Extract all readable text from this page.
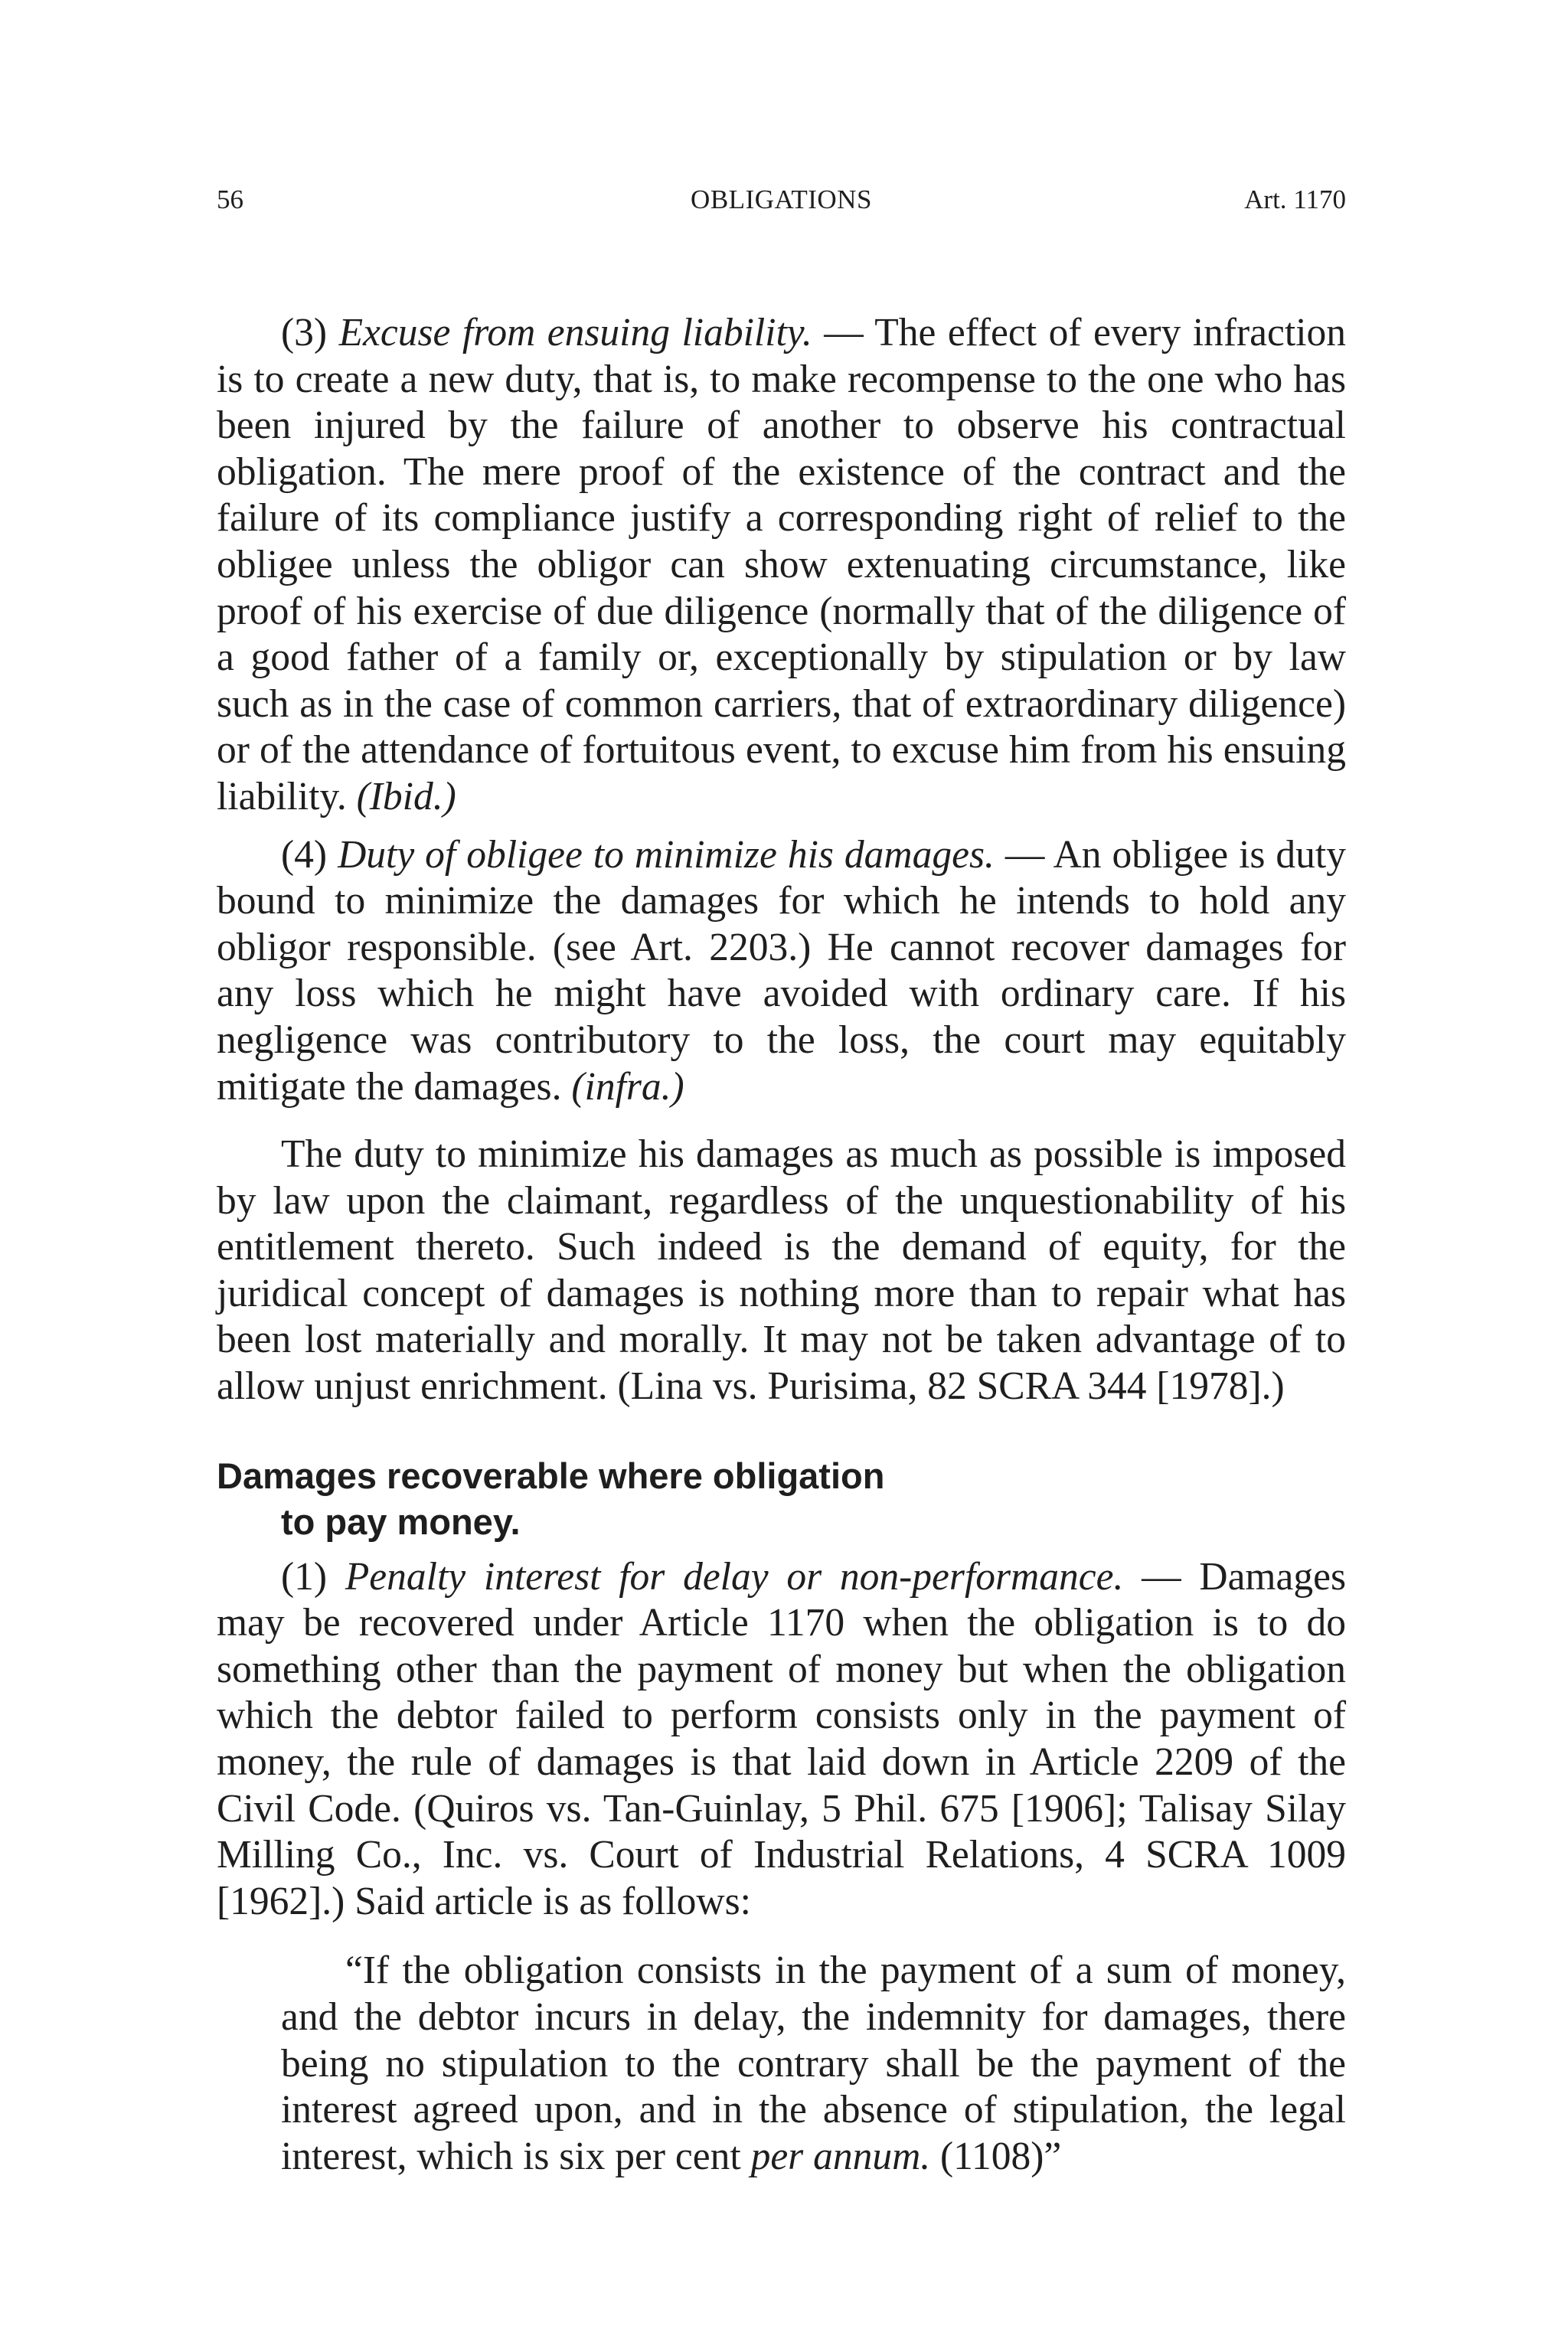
56	OBLIGATIONS	Art. 1170

(3) Excuse from ensuing liability. — The effect of every infraction is to create a new duty, that is, to make recompense to the one who has been injured by the failure of another to observe his contractual obligation. The mere proof of the existence of the contract and the failure of its compliance justify a corresponding right of relief to the obligee unless the obligor can show extenuating circumstance, like proof of his exercise of due diligence (normally that of the diligence of a good father of a family or, exceptionally by stipulation or by law such as in the case of common carriers, that of extraordinary diligence) or of the attendance of fortuitous event, to excuse him from his ensuing liability. (Ibid.)

(4) Duty of obligee to minimize his damages. — An obligee is duty bound to minimize the damages for which he intends to hold any obligor responsible. (see Art. 2203.) He cannot recover damages for any loss which he might have avoided with ordinary care. If his negligence was contributory to the loss, the court may equitably mitigate the damages. (infra.)

The duty to minimize his damages as much as possible is imposed by law upon the claimant, regardless of the unquestionability of his entitlement thereto. Such indeed is the demand of equity, for the juridical concept of damages is nothing more than to repair what has been lost materially and morally. It may not be taken advantage of to allow unjust enrichment. (Lina vs. Purisima, 82 SCRA 344 [1978].)

Damages recoverable where obligation
to pay money.

(1) Penalty interest for delay or non-performance. — Damages may be recovered under Article 1170 when the obligation is to do something other than the payment of money but when the obligation which the debtor failed to perform consists only in the payment of money, the rule of damages is that laid down in Article 2209 of the Civil Code. (Quiros vs. Tan-Guinlay, 5 Phil. 675 [1906]; Talisay Silay Milling Co., Inc. vs. Court of Industrial Relations, 4 SCRA 1009 [1962].) Said article is as follows:

“If the obligation consists in the payment of a sum of money, and the debtor incurs in delay, the indemnity for damages, there being no stipulation to the contrary shall be the payment of the interest agreed upon, and in the absence of stipulation, the legal interest, which is six per cent per annum. (1108)”
